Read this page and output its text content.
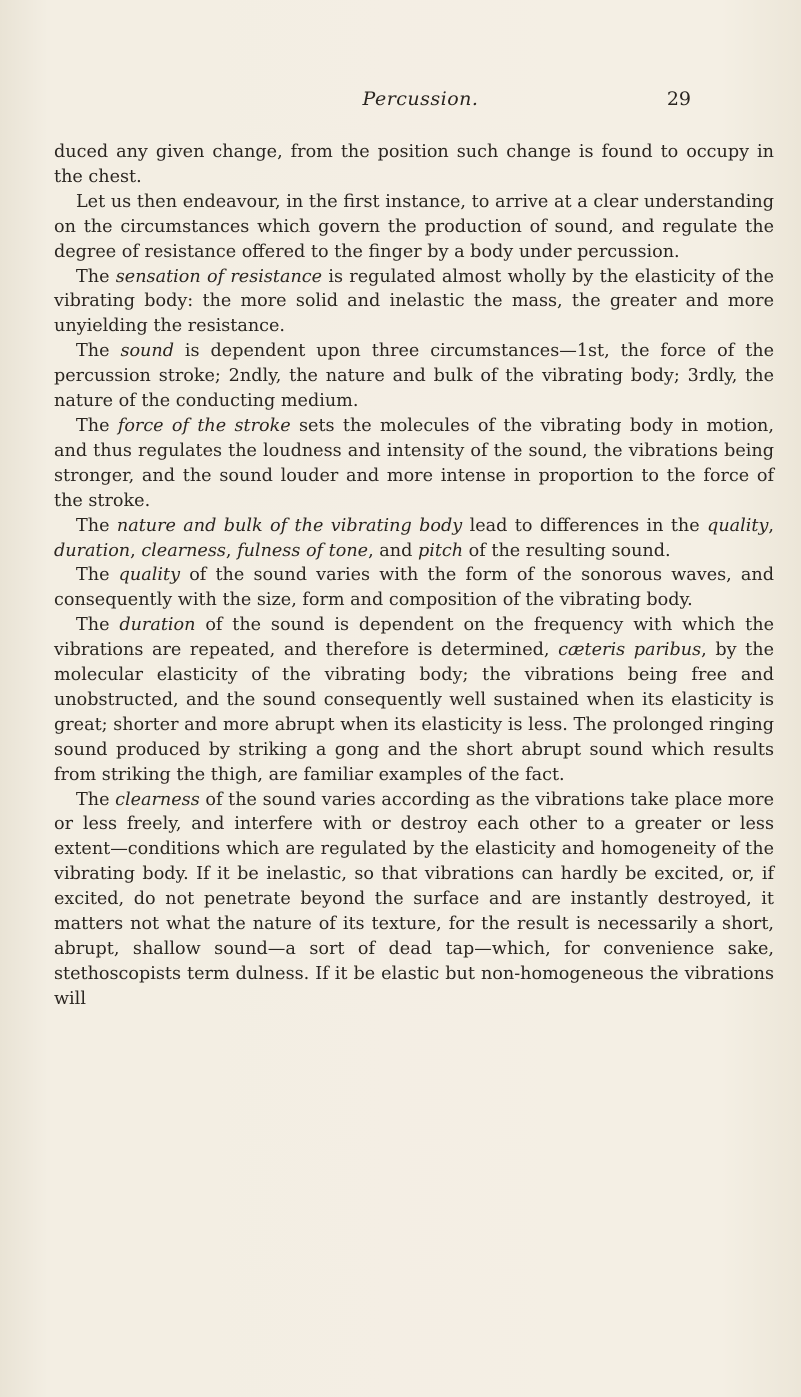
Percussion.	29

duced any given change, from the position such change is found to occupy in the chest.

Let us then endeavour, in the first instance, to arrive at a clear understanding on the circumstances which govern the production of sound, and regulate the degree of resistance offered to the finger by a body under percussion.

The sensation of resistance is regulated almost wholly by the elasticity of the vibrating body: the more solid and inelastic the mass, the greater and more unyielding the resistance.

The sound is dependent upon three circumstances—1st, the force of the percussion stroke; 2ndly, the nature and bulk of the vibrating body; 3rdly, the nature of the conducting medium.

The force of the stroke sets the molecules of the vibrating body in motion, and thus regulates the loudness and intensity of the sound, the vibrations being stronger, and the sound louder and more intense in proportion to the force of the stroke.

The nature and bulk of the vibrating body lead to differences in the quality, duration, clearness, fulness of tone, and pitch of the resulting sound.

The quality of the sound varies with the form of the sonorous waves, and consequently with the size, form and composition of the vibrating body.

The duration of the sound is dependent on the frequency with which the vibrations are repeated, and therefore is determined, cæteris paribus, by the molecular elasticity of the vibrating body; the vibrations being free and unobstructed, and the sound consequently well sustained when its elasticity is great; shorter and more abrupt when its elasticity is less. The prolonged ringing sound produced by striking a gong and the short abrupt sound which results from striking the thigh, are familiar examples of the fact.

The clearness of the sound varies according as the vibrations take place more or less freely, and interfere with or destroy each other to a greater or less extent—conditions which are regulated by the elasticity and homogeneity of the vibrating body. If it be inelastic, so that vibrations can hardly be excited, or, if excited, do not penetrate beyond the surface and are instantly destroyed, it matters not what the nature of its texture, for the result is necessarily a short, abrupt, shallow sound—a sort of dead tap—which, for convenience sake, stethoscopists term dulness. If it be elastic but non-homogeneous the vibrations will
